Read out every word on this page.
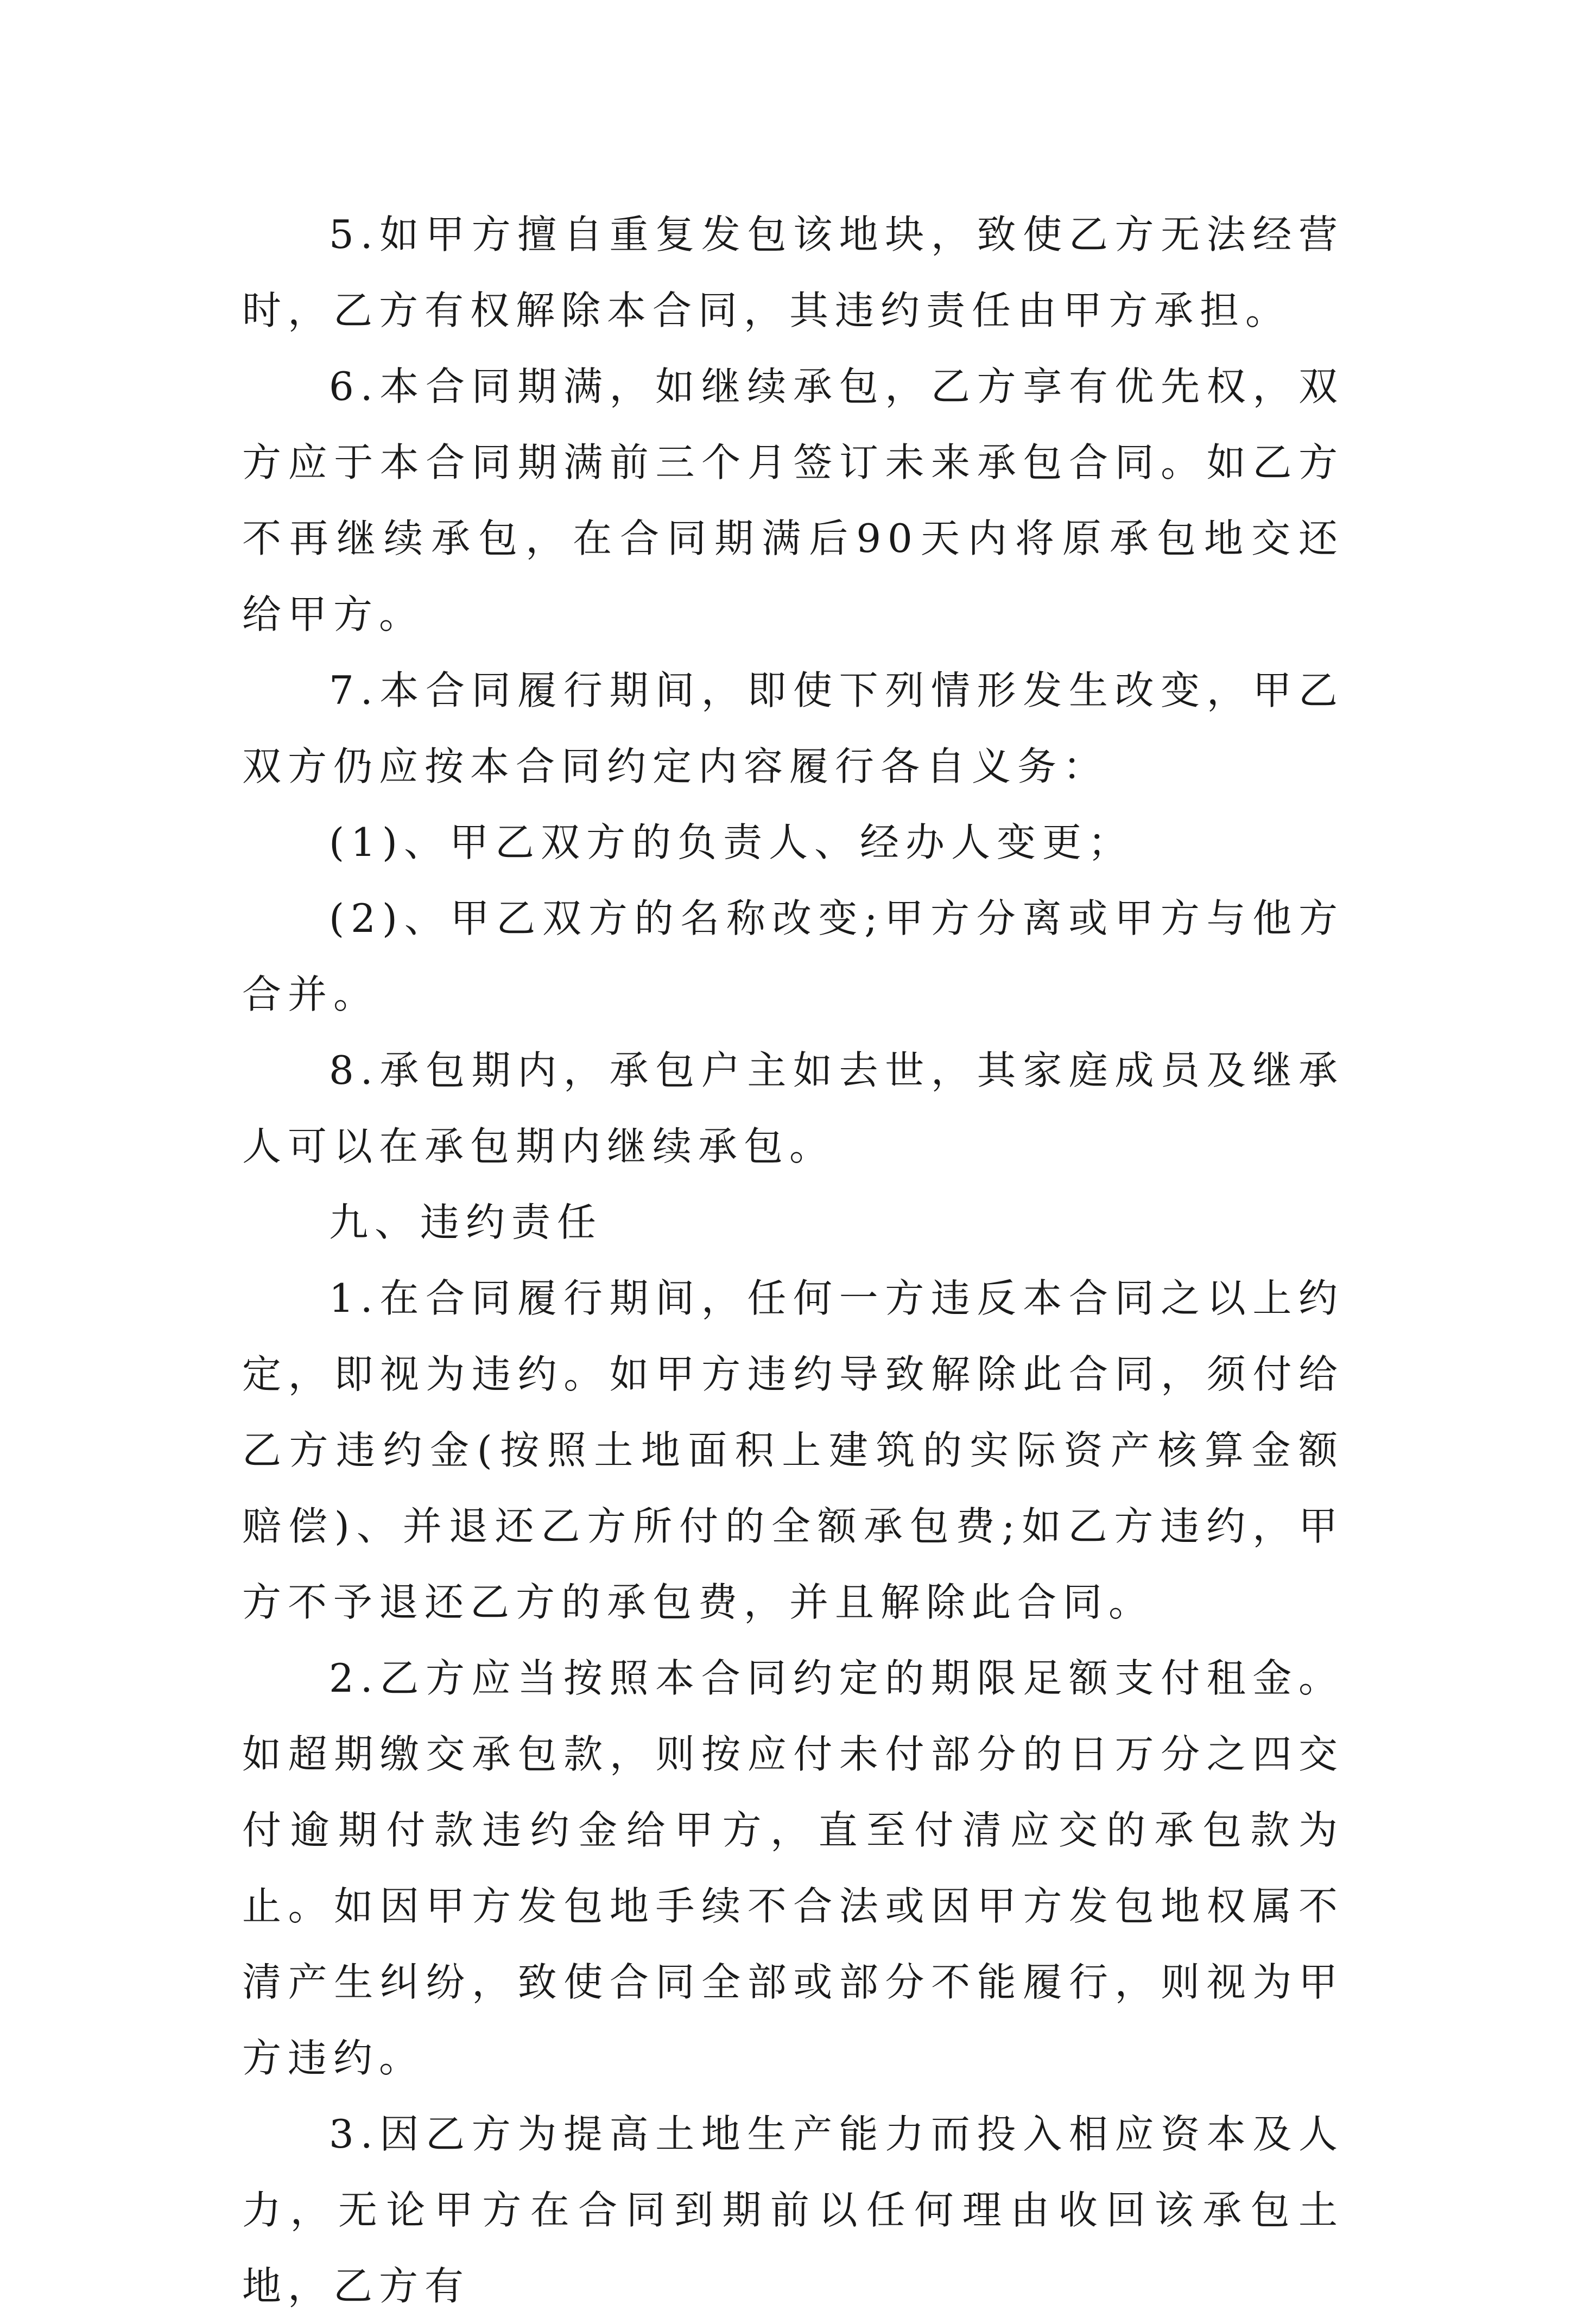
5.如甲方擅自重复发包该地块，致使乙方无法经营时，乙方有权解除本合同，其违约责任由甲方承担。

6.本合同期满，如继续承包，乙方享有优先权，双方应于本合同期满前三个月签订未来承包合同。如乙方不再继续承包，在合同期满后90天内将原承包地交还给甲方。

7.本合同履行期间，即使下列情形发生改变，甲乙双方仍应按本合同约定内容履行各自义务：

(1)、甲乙双方的负责人、经办人变更；

(2)、甲乙双方的名称改变;甲方分离或甲方与他方合并。

8.承包期内，承包户主如去世，其家庭成员及继承人可以在承包期内继续承包。

九、违约责任

1.在合同履行期间，任何一方违反本合同之以上约定，即视为违约。如甲方违约导致解除此合同，须付给乙方违约金(按照土地面积上建筑的实际资产核算金额赔偿)、并退还乙方所付的全额承包费;如乙方违约，甲方不予退还乙方的承包费，并且解除此合同。

2.乙方应当按照本合同约定的期限足额支付租金。如超期缴交承包款，则按应付未付部分的日万分之四交付逾期付款违约金给甲方，直至付清应交的承包款为止。如因甲方发包地手续不合法或因甲方发包地权属不清产生纠纷，致使合同全部或部分不能履行，则视为甲方违约。

3.因乙方为提高土地生产能力而投入相应资本及人力，无论甲方在合同到期前以任何理由收回该承包土地，乙方有
